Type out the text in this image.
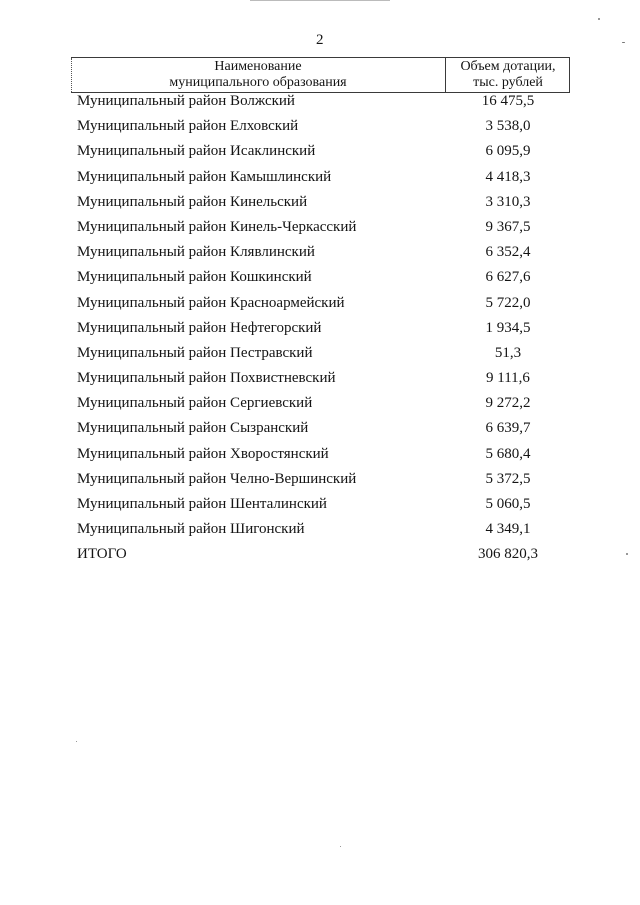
2
Наименование
муниципального образования
Объем дотации,
тыс. рублей
Муниципальный район Волжский	16 475,5
Муниципальный район Елховский	3 538,0
Муниципальный район Исаклинский	6 095,9
Муниципальный район Камышлинский	4 418,3
Муниципальный район Кинельский	3 310,3
Муниципальный район Кинель-Черкасский	9 367,5
Муниципальный район Клявлинский	6 352,4
Муниципальный район Кошкинский	6 627,6
Муниципальный район Красноармейский	5 722,0
Муниципальный район Нефтегорский	1 934,5
Муниципальный район Пестравский	51,3
Муниципальный район Похвистневский	9 111,6
Муниципальный район Сергиевский	9 272,2
Муниципальный район Сызранский	6 639,7
Муниципальный район Хворостянский	5 680,4
Муниципальный район Челно-Вершинский	5 372,5
Муниципальный район Шенталинский	5 060,5
Муниципальный район Шигонский	4 349,1
ИТОГО	306 820,3
